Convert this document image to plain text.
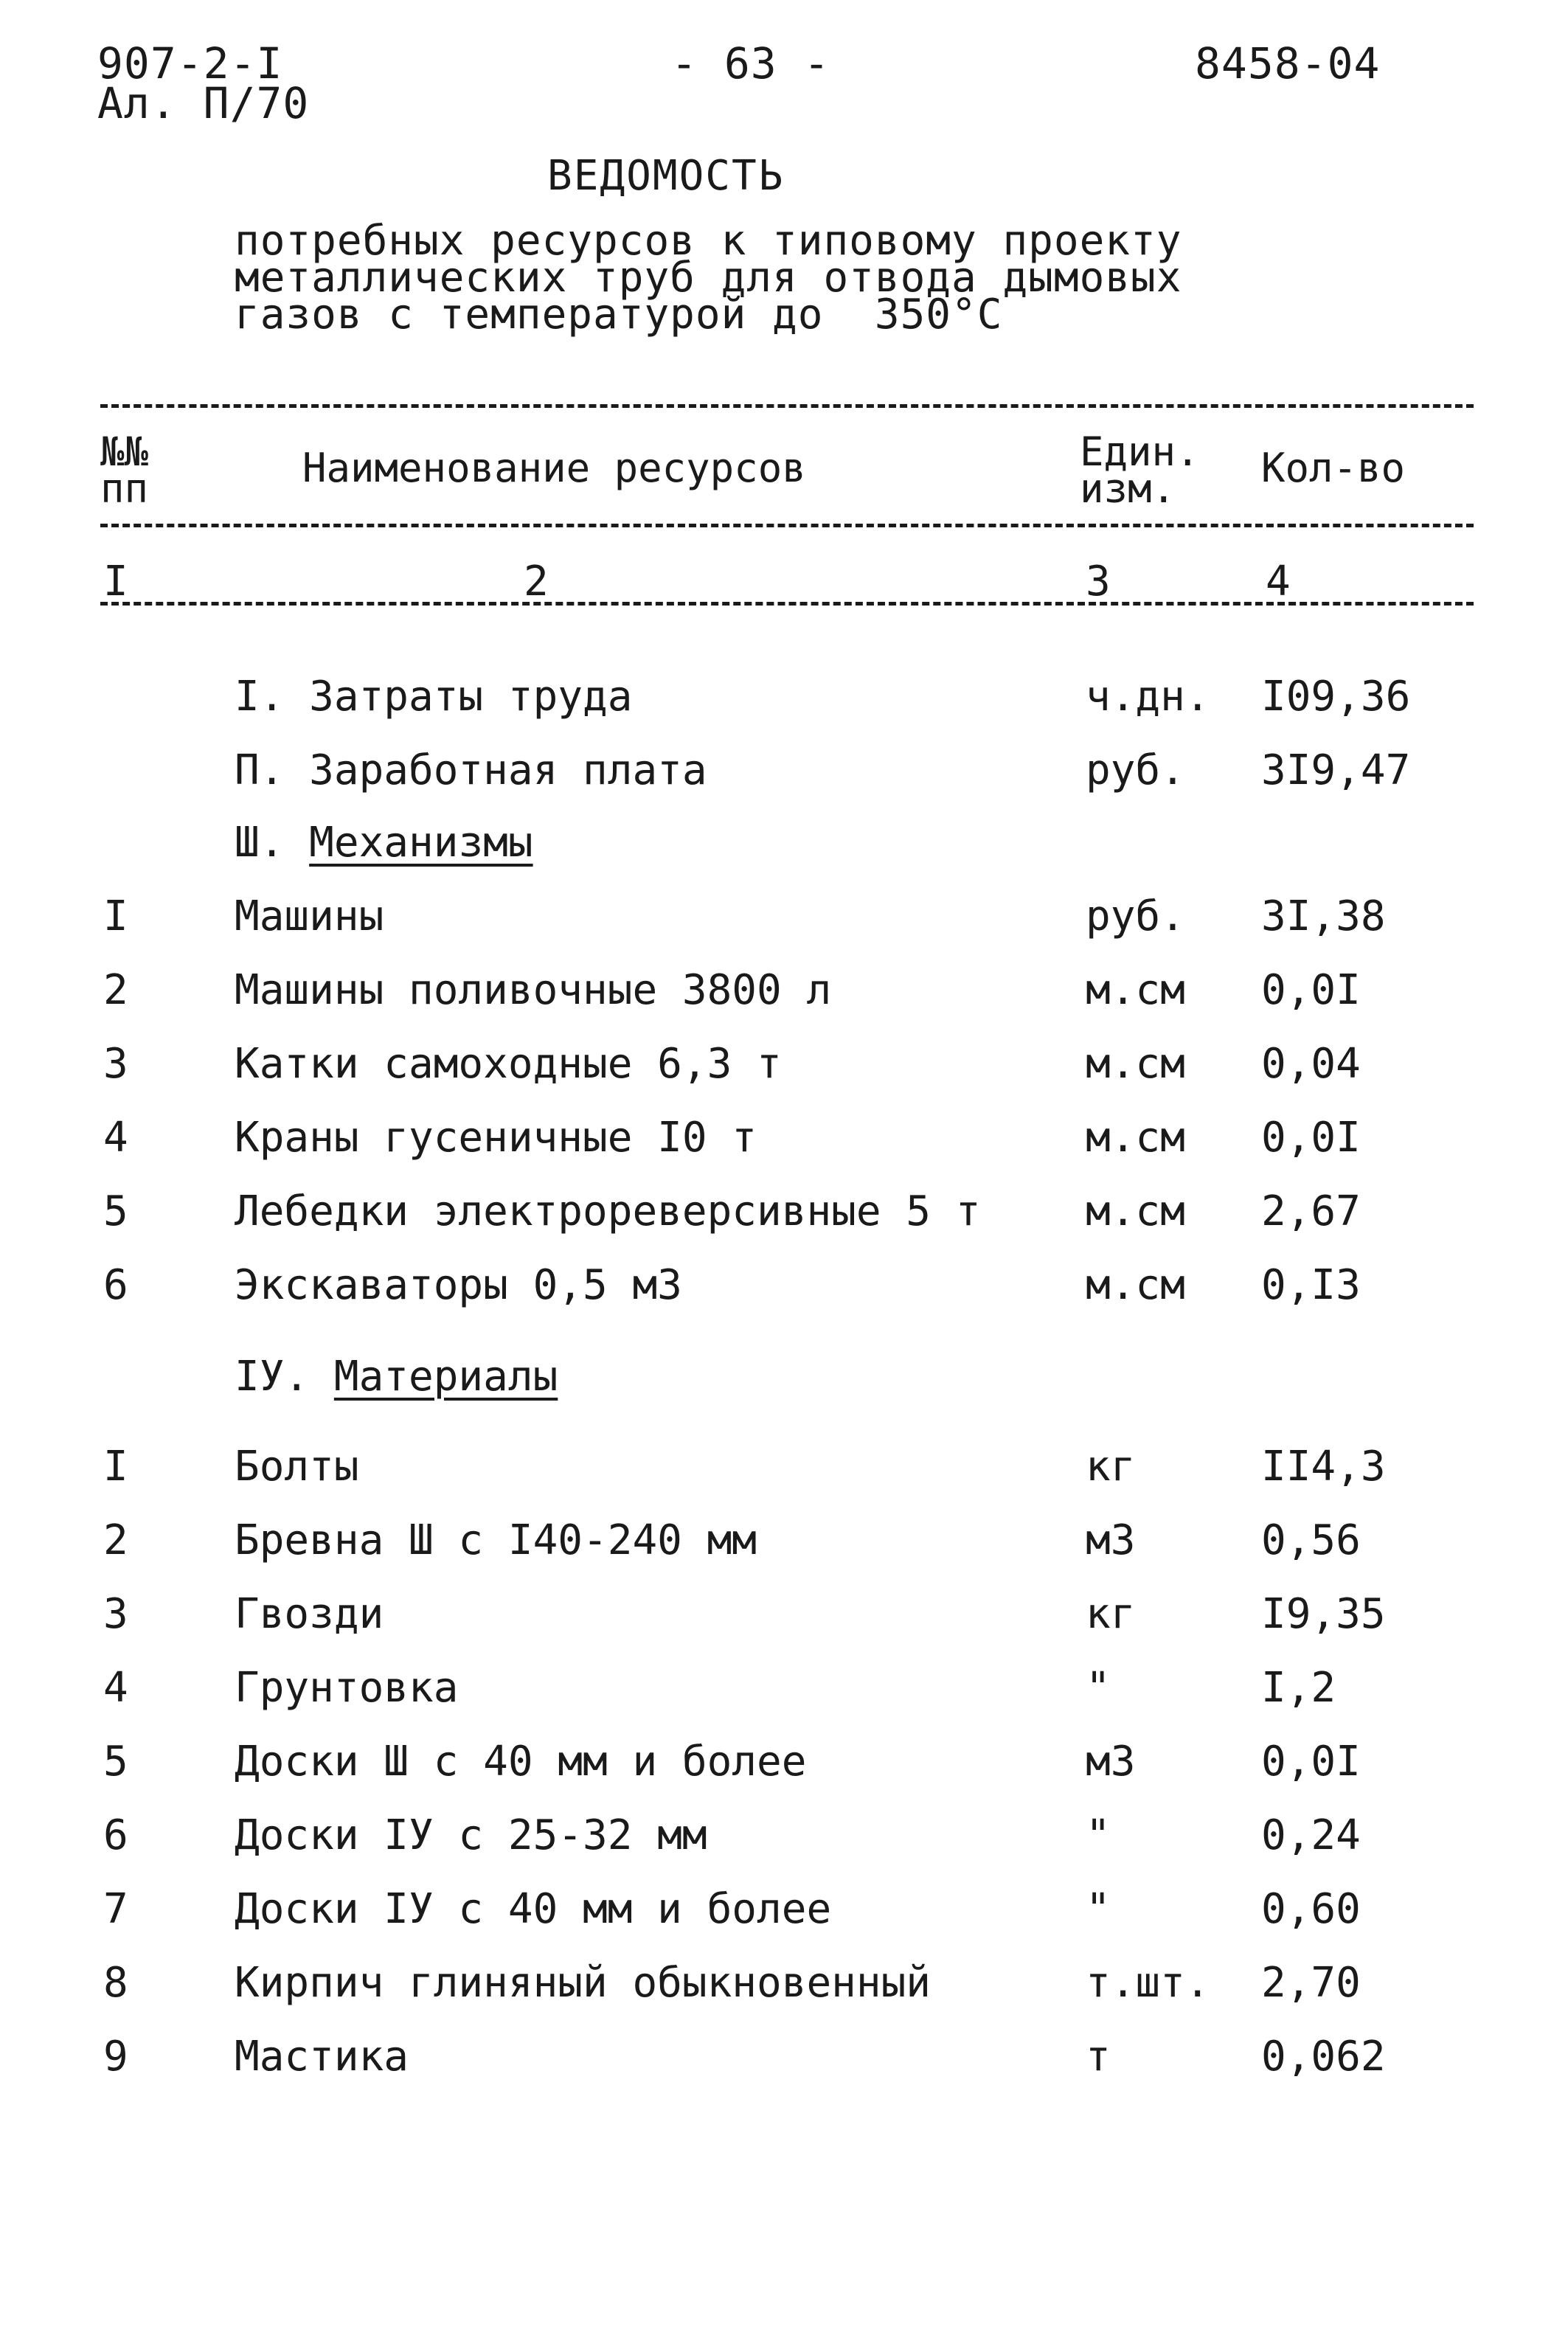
907-2-I
Ал. П/70
- 63 -	8458-04
ВЕДОМОСТЬ
потребных ресурсов к типовому проекту
металлических труб для отвода дымовых
газов с температурой до  350°С
№№
пп	Наименование ресурсов	Един.
изм.	Кол-во
I	2	3	4
I. Затраты труда	ч.дн. I09,36
П. Заработная плата	руб. 3I9,47
Ш. Механизмы
I	Машины	руб. 3I,38
2	Машины поливочные 3800 л	м.см 0,0I
3	Катки самоходные 6,3 т	м.см 0,04
4	Краны гусеничные I0 т	м.см 0,0I
5	Лебедки электрореверсивные 5 т	м.см 2,67
6	Экскаваторы 0,5 м3	м.см 0,I3
IУ. Материалы
I	Болты	кг	II4,3
2	Бревна Ш с I40-240 мм	м3	0,56
3	Гвозди	кг	I9,35
4	Грунтовка	"	I,2
5	Доски Ш с 40 мм и более	м3	0,0I
6	Доски IУ с 25-32 мм	"	0,24
7	Доски IУ с 40 мм и более	"	0,60
8	Кирпич глиняный обыкновенный	т.шт. 2,70
9	Мастика	т	0,062
